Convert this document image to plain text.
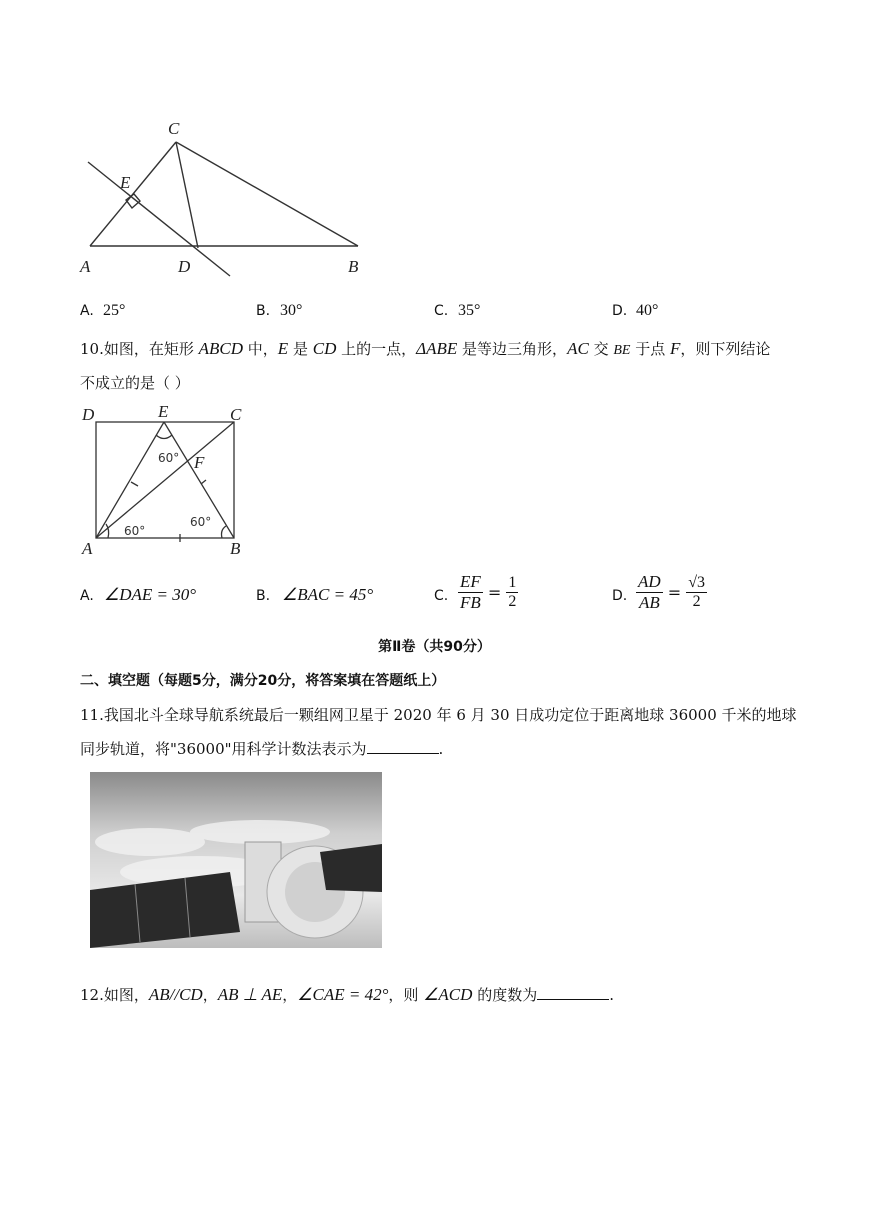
C
E
A	D	B
A. 25°	B. 30°	C. 35°	D. 40°
10.如图，在矩形 ABCD 中，E 是 CD 上的一点，ΔABE 是等边三角形，AC 交 BE 于点 F，则下列结论
不成立的是（ ）
D	E	C
F
A	B
60°
60°
60°
A. ∠DAE = 30°	B. ∠BAC = 45°	C. $\frac{EF}{FB} = \frac{1}{2}$	D. $\frac{AD}{AB} = \frac{√3}{2}$
第Ⅱ卷（共90分）
二、填空题（每题5分，满分20分，将答案填在答题纸上）
11.我国北斗全球导航系统最后一颗组网卫星于 2020 年 6 月 30 日成功定位于距离地球 36000 千米的地球
同步轨道，将"36000"用科学计数法表示为	.
12.如图，AB//CD，AB ⊥ AE，∠CAE = 42°，则 ∠ACD 的度数为	.
